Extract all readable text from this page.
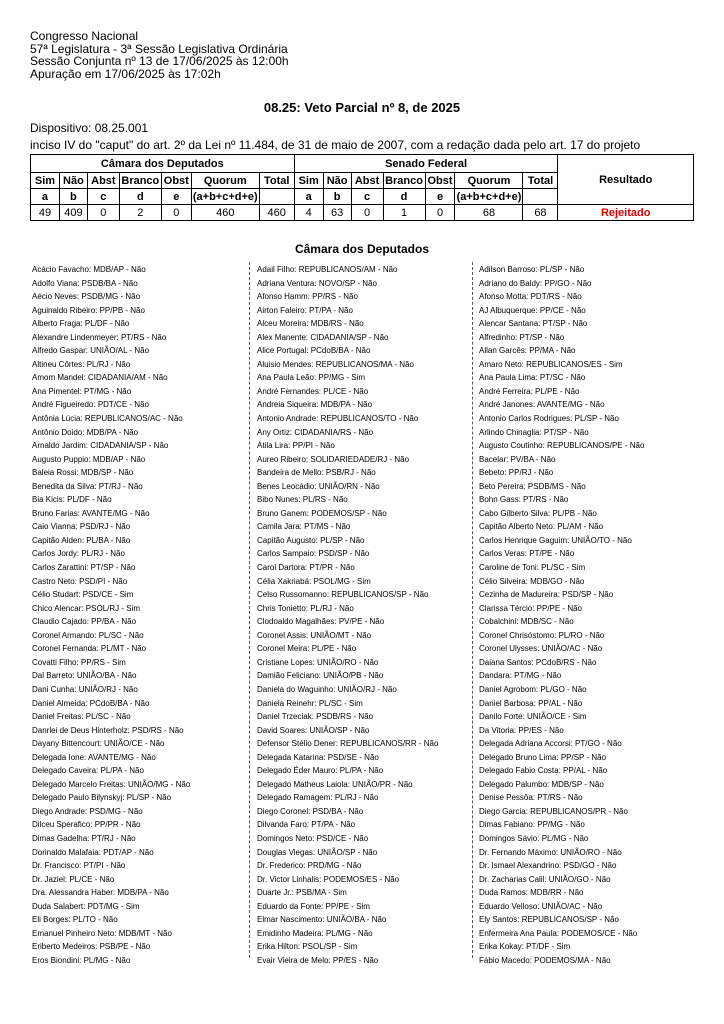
Congresso Nacional
57ª Legislatura - 3ª Sessão Legislativa Ordinária
Sessão Conjunta nº 13 de 17/06/2025 às 12:00h
Apuração em 17/06/2025 às 17:02h
08.25: Veto Parcial nº 8, de 2025
Dispositivo: 08.25.001
inciso IV do "caput" do art. 2º da Lei nº 11.484, de 31 de maio de 2007, com a redação dada pelo art. 17 do projeto
Câmara dos Deputados							Senado Federal							Resultado
Sim	Não	Abst	Branco	Obst	Quorum	Total	Sim	Não	Abst	Branco	Obst	Quorum	Total	
a	b	c	d	e	(a+b+c+d+e)		a	b	c	d	e	(a+b+c+d+e)		
49	409	0	2	0	460	460	4	63	0	1	0	68	68	Rejeitado
Câmara dos Deputados
Acácio Favacho: MDB/AP - Não
Adolfo Viana: PSDB/BA - Não
Aécio Neves: PSDB/MG - Não
Aguinaldo Ribeiro: PP/PB - Não
Alberto Fraga: PL/DF - Não
Alexandre Lindenmeyer: PT/RS - Não
Alfredo Gaspar: UNIÃO/AL - Não
Altineu Côrtes: PL/RJ - Não
Amom Mandel: CIDADANIA/AM - Não
Ana Pimentel: PT/MG - Não
André Figueiredo: PDT/CE - Não
Antônia Lúcia: REPUBLICANOS/AC - Não
Antônio Doido: MDB/PA - Não
Arnaldo Jardim: CIDADANIA/SP - Não
Augusto Puppio: MDB/AP - Não
Baleia Rossi: MDB/SP - Não
Benedita da Silva: PT/RJ - Não
Bia Kicis: PL/DF - Não
Bruno Farias: AVANTE/MG - Não
Caio Vianna: PSD/RJ - Não
Capitão Alden: PL/BA - Não
Carlos Jordy: PL/RJ - Não
Carlos Zarattini: PT/SP - Não
Castro Neto: PSD/PI - Não
Célio Studart: PSD/CE - Sim
Chico Alencar: PSOL/RJ - Sim
Claudio Cajado: PP/BA - Não
Coronel Armando: PL/SC - Não
Coronel Fernanda: PL/MT - Não
Covatti Filho: PP/RS - Sim
Dal Barreto: UNIÃO/BA - Não
Dani Cunha: UNIÃO/RJ - Não
Daniel Almeida: PCdoB/BA - Não
Daniel Freitas: PL/SC - Não
Danrlei de Deus Hinterholz: PSD/RS - Não
Dayany Bittencourt: UNIÃO/CE - Não
Delegada Ione: AVANTE/MG - Não
Delegado Caveira: PL/PA - Não
Delegado Marcelo Freitas: UNIÃO/MG - Não
Delegado Paulo Bilynskyj: PL/SP - Não
Diego Andrade: PSD/MG - Não
Dilceu Sperafico: PP/PR - Não
Dimas Gadelha: PT/RJ - Não
Dorinaldo Malafaia: PDT/AP - Não
Dr. Francisco: PT/PI - Não
Dr. Jaziel: PL/CE - Não
Dra. Alessandra Haber: MDB/PA - Não
Duda Salabert: PDT/MG - Sim
Eli Borges: PL/TO - Não
Emanuel Pinheiro Neto: MDB/MT - Não
Eriberto Medeiros: PSB/PE - Não
Eros Biondini: PL/MG - Não
Adail Filho: REPUBLICANOS/AM - Não
Adriana Ventura: NOVO/SP - Não
Afonso Hamm: PP/RS - Não
Airton Faleiro: PT/PA - Não
Alceu Moreira: MDB/RS - Não
Alex Manente: CIDADANIA/SP - Não
Alice Portugal: PCdoB/BA - Não
Aluisio Mendes: REPUBLICANOS/MA - Não
Ana Paula Leão: PP/MG - Sim
André Fernandes: PL/CE - Não
Andreia Siqueira: MDB/PA - Não
Antonio Andrade: REPUBLICANOS/TO - Não
Any Ortiz: CIDADANIA/RS - Não
Átila Lira: PP/PI - Não
Aureo Ribeiro: SOLIDARIEDADE/RJ - Não
Bandeira de Mello: PSB/RJ - Não
Benes Leocádio: UNIÃO/RN - Não
Bibo Nunes: PL/RS - Não
Bruno Ganem: PODEMOS/SP - Não
Camila Jara: PT/MS - Não
Capitão Augusto: PL/SP - Não
Carlos Sampaio: PSD/SP - Não
Carol Dartora: PT/PR - Não
Célia Xakriabá: PSOL/MG - Sim
Celso Russomanno: REPUBLICANOS/SP - Não
Chris Tonietto: PL/RJ - Não
Clodoaldo Magalhães: PV/PE - Não
Coronel Assis: UNIÃO/MT - Não
Coronel Meira: PL/PE - Não
Cristiane Lopes: UNIÃO/RO - Não
Damião Feliciano: UNIÃO/PB - Não
Daniela do Waguinho: UNIÃO/RJ - Não
Daniela Reinehr: PL/SC - Sim
Daniel Trzeciak: PSDB/RS - Não
David Soares: UNIÃO/SP - Não
Defensor Stélio Dener: REPUBLICANOS/RR - Não
Delegada Katarina: PSD/SE - Não
Delegado Éder Mauro: PL/PA - Não
Delegado Matheus Laiola: UNIÃO/PR - Não
Delegado Ramagem: PL/RJ - Não
Diego Coronel: PSD/BA - Não
Dilvanda Faro: PT/PA - Não
Domingos Neto: PSD/CE - Não
Douglas Viegas: UNIÃO/SP - Não
Dr. Frederico: PRD/MG - Não
Dr. Victor Linhalis: PODEMOS/ES - Não
Duarte Jr.: PSB/MA - Sim
Eduardo da Fonte: PP/PE - Sim
Elmar Nascimento: UNIÃO/BA - Não
Emidinho Madeira: PL/MG - Não
Erika Hilton: PSOL/SP - Sim
Evair Vieira de Melo: PP/ES - Não
Adilson Barroso: PL/SP - Não
Adriano do Baldy: PP/GO - Não
Afonso Motta: PDT/RS - Não
AJ Albuquerque: PP/CE - Não
Alencar Santana: PT/SP - Não
Alfredinho: PT/SP - Não
Allan Garcês: PP/MA - Não
Amaro Neto: REPUBLICANOS/ES - Sim
Ana Paula Lima: PT/SC - Não
André Ferreira: PL/PE - Não
André Janones: AVANTE/MG - Não
Antonio Carlos Rodrigues: PL/SP - Não
Arlindo Chinaglia: PT/SP - Não
Augusto Coutinho: REPUBLICANOS/PE - Não
Bacelar: PV/BA - Não
Bebeto: PP/RJ - Não
Beto Pereira: PSDB/MS - Não
Bohn Gass: PT/RS - Não
Cabo Gilberto Silva: PL/PB - Não
Capitão Alberto Neto: PL/AM - Não
Carlos Henrique Gaguim: UNIÃO/TO - Não
Carlos Veras: PT/PE - Não
Caroline de Toni: PL/SC - Sim
Célio Silveira: MDB/GO - Não
Cezinha de Madureira: PSD/SP - Não
Clarissa Tércio: PP/PE - Não
Cobalchini: MDB/SC - Não
Coronel Chrisóstomo: PL/RO - Não
Coronel Ulysses: UNIÃO/AC - Não
Daiana Santos: PCdoB/RS - Não
Dandara: PT/MG - Não
Daniel Agrobom: PL/GO - Não
Daniel Barbosa: PP/AL - Não
Danilo Forte: UNIÃO/CE - Sim
Da Vitoria: PP/ES - Não
Delegada Adriana Accorsi: PT/GO - Não
Delegado Bruno Lima: PP/SP - Não
Delegado Fabio Costa: PP/AL - Não
Delegado Palumbo: MDB/SP - Não
Denise Pessôa: PT/RS - Não
Diego Garcia: REPUBLICANOS/PR - Não
Dimas Fabiano: PP/MG - Não
Domingos Sávio: PL/MG - Não
Dr. Fernando Máximo: UNIÃO/RO - Não
Dr. Ismael Alexandrino: PSD/GO - Não
Dr. Zacharias Calil: UNIÃO/GO - Não
Duda Ramos: MDB/RR - Não
Eduardo Velloso: UNIÃO/AC - Não
Ely Santos: REPUBLICANOS/SP - Não
Enfermeira Ana Paula: PODEMOS/CE - Não
Erika Kokay: PT/DF - Sim
Fábio Macedo: PODEMOS/MA - Não
